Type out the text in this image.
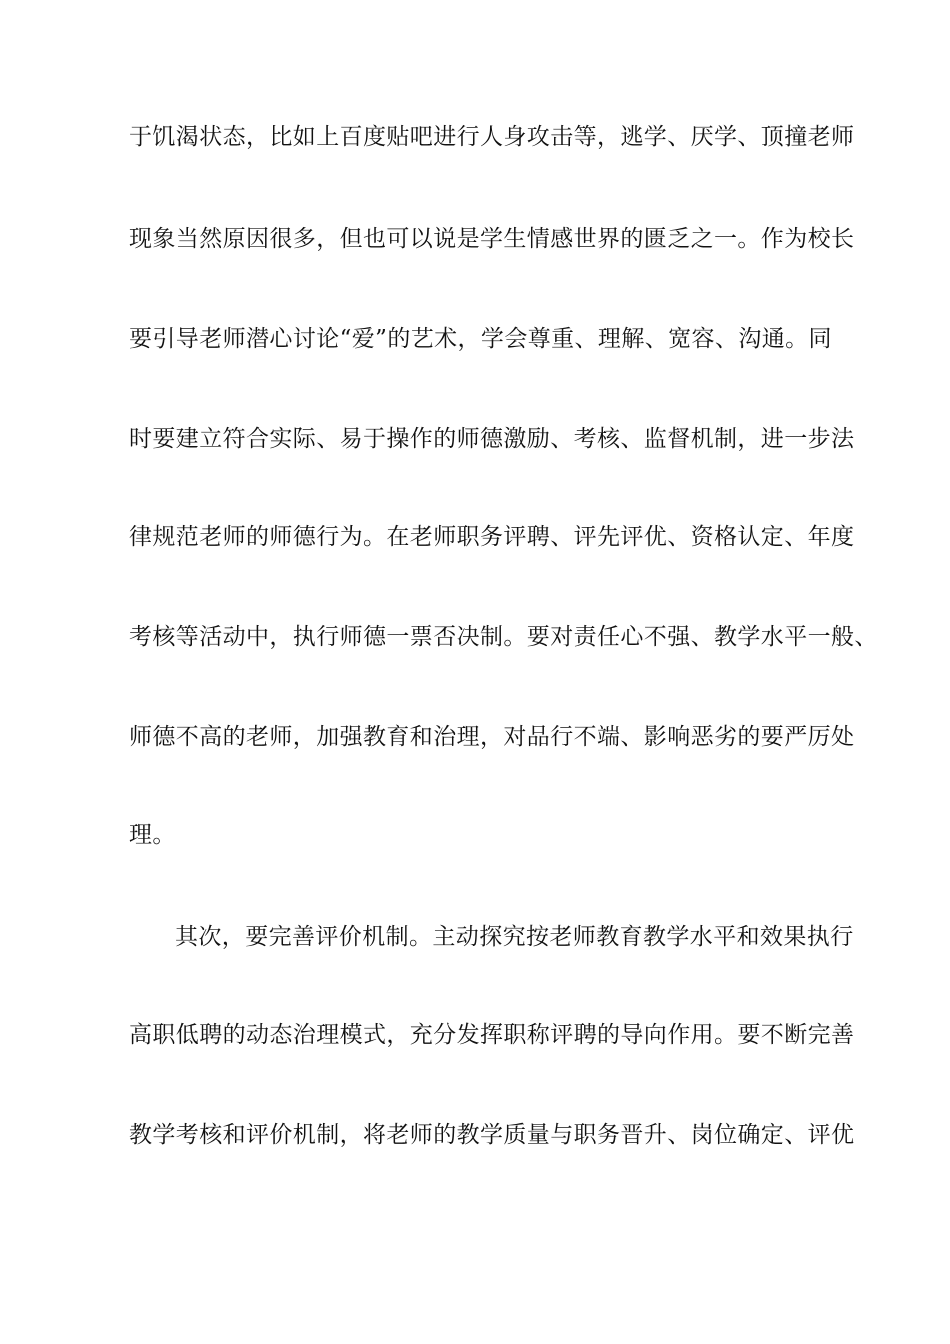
于饥渴状态，比如上百度贴吧进行人身攻击等，逃学、厌学、顶撞老师
现象当然原因很多，但也可以说是学生情感世界的匮乏之一。作为校长
要引导老师潜心讨论“爱”的艺术，学会尊重、理解、宽容、沟通。同
时要建立符合实际、易于操作的师德激励、考核、监督机制，进一步法
律规范老师的师德行为。在老师职务评聘、评先评优、资格认定、年度
考核等活动中，执行师德一票否决制。要对责任心不强、教学水平一般、
师德不高的老师，加强教育和治理，对品行不端、影响恶劣的要严厉处
理。
其次，要完善评价机制。主动探究按老师教育教学水平和效果执行
高职低聘的动态治理模式，充分发挥职称评聘的导向作用。要不断完善
教学考核和评价机制，将老师的教学质量与职务晋升、岗位确定、评优
